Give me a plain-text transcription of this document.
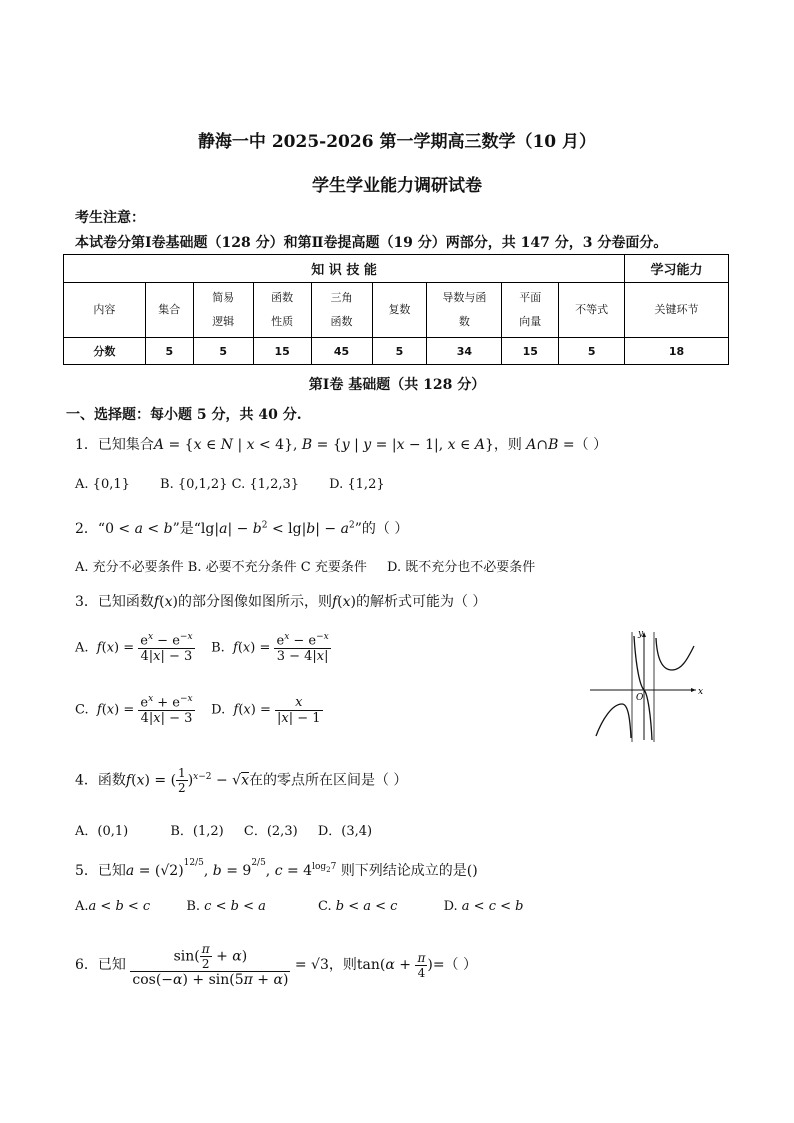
静海一中 2025-2026 第一学期高三数学（10 月）
学生学业能力调研试卷
考生注意：
本试卷分第Ⅰ卷基础题（128 分）和第Ⅱ卷提高题（19 分）两部分，共 147 分，3 分卷面分。
知 识 技 能									学习能力
内容	集合	简易逻辑	函数性质	三角函数	复数	导数与函数	平面向量	不等式	关键环节
分数	5	5	15	45	5	34	15	5	18
第Ⅰ卷 基础题（共 128 分）
一、选择题：每小题 5 分，共 40 分.
1．已知集合A = {x ∈ N | x < 4}, B = {y | y = |x − 1|, x ∈ A}，则 A∩B =（ ）
A. {0,1} B. {0,1,2} C. {1,2,3} D. {1,2}
2．“0 < a < b”是“$\lg|a| - b^2 < \lg|b| - a^2$”的（ ）
A. 充分不必要条件 B. 必要不充分条件 C 充要条件 D. 既不充分也不必要条件
3．已知函数f(x)的部分图像如图所示，则f(x)的解析式可能为（ ）
A. $f(x) = \frac{e^x - e^{-x}}{4|x| - 3} B$. $f(x) = \frac{e^x - e^{-x}}{3 - 4|x|}$
C. $f(x) = \frac{e^x + e^{-x}}{4|x| - 3} D$. $f(x) = \frac{x}{|x| - 1}$	O
x
y
4．函数f(x) = ( $\frac{1}{2} )^{x-2} - √x$在的零点所在区间是（ ）
A．(0,1)	B．(1,2) C．(2,3) D．(3,4)
5．已知$a = (√2)^{12/5}$, $b = 9^{2/5}$, $c = 4^{log_27}$ 则下列结论成立的是()
A.a < b < c	B. c < b < a	C. b < a < c	D. a < c < b
6．已知 $\frac{\sin( \frac{\pi}{2} + \alpha)}{\cos(-\alpha) + \sin(5\pi + \alpha)} = √3$，则$\tan(\alpha + \frac{\pi}{4}$ )=（ ）
